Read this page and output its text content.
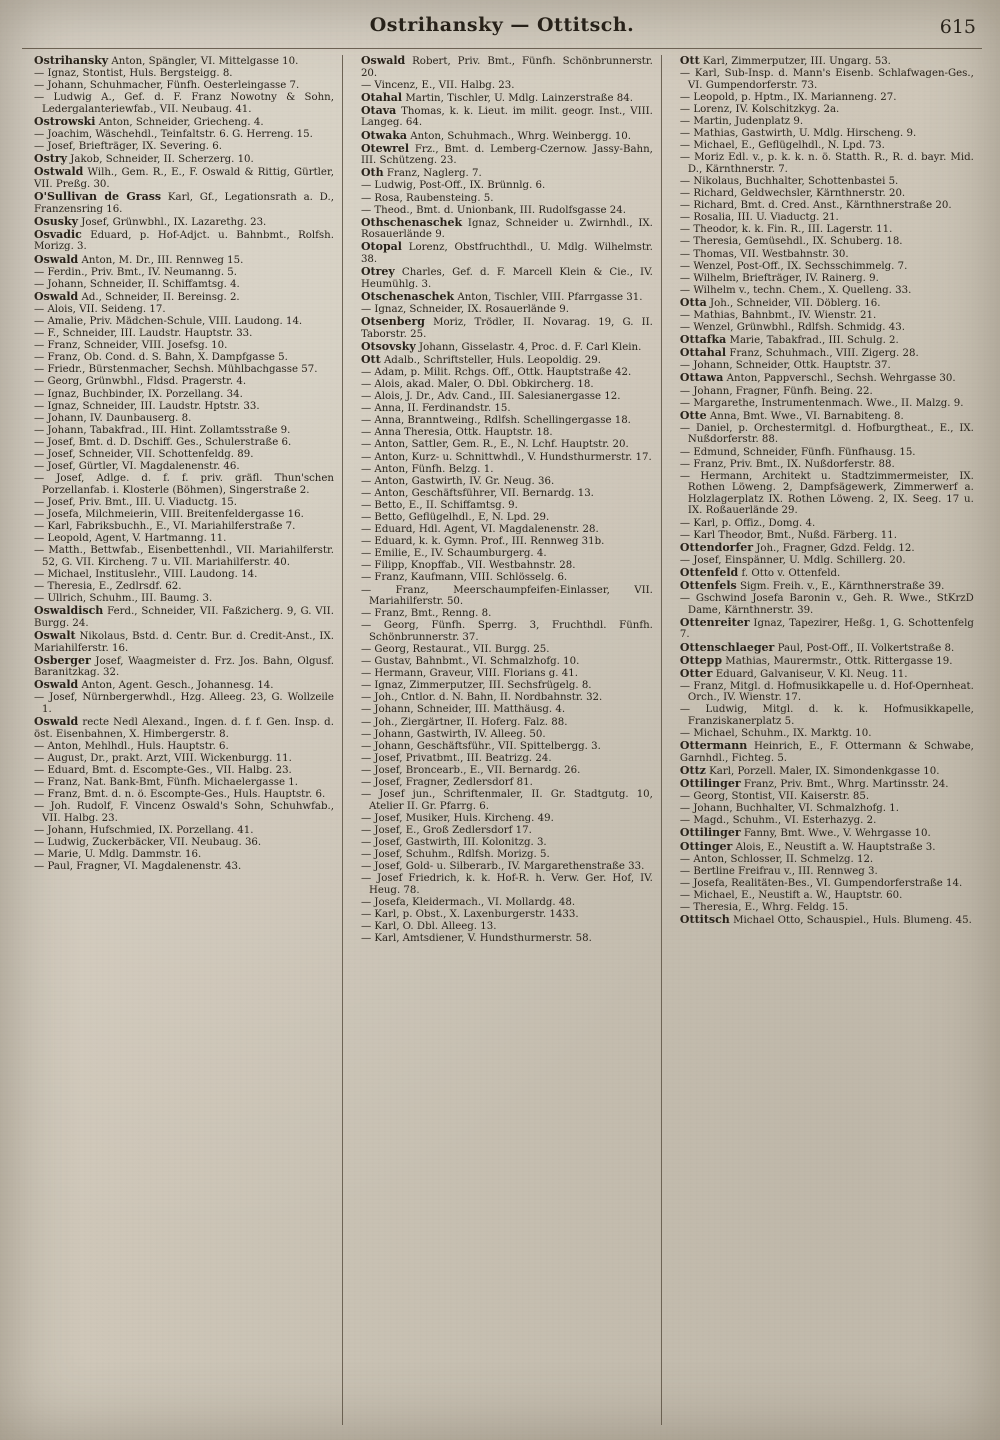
Ostrihansky — Ottitsch.	615

Ostrihansky Anton, Spängler, VI. Mittelgasse 10.

— Ignaz, Stontist, Huls. Bergsteigg. 8.

— Johann, Schuhmacher, Fünfh. Oesterleingasse 7.

— Ludwig A., Gef. d. F. Franz Nowotny & Sohn, Ledergalanteriewfab., VII. Neubaug. 41.

Ostrowski Anton, Schneider, Griecheng. 4.

— Joachim, Wäschehdl., Teinfaltstr. 6. G. Herreng. 15.

— Josef, Briefträger, IX. Severing. 6.

Ostry Jakob, Schneider, II. Scherzerg. 10.

Ostwald Wilh., Gem. R., E., F. Oswald & Rittig, Gürtler, VII. Preßg. 30.

O'Sullivan de Grass Karl, Gf., Legationsrath a. D., Franzensring 16.

Osusky Josef, Grünwbhl., IX. Lazarethg. 23.

Osvadic Eduard, p. Hof-Adjct. u. Bahnbmt., Rolfsh. Morizg. 3.

Oswald Anton, M. Dr., III. Rennweg 15.

— Ferdin., Priv. Bmt., IV. Neumanng. 5.

— Johann, Schneider, II. Schiffamtsg. 4.

Oswald Ad., Schneider, II. Bereinsg. 2.

— Alois, VII. Seideng. 17.

— Amalie, Priv. Mädchen-Schule, VIII. Laudong. 14.

— F., Schneider, III. Laudstr. Hauptstr. 33.

— Franz, Schneider, VIII. Josefsg. 10.

— Franz, Ob. Cond. d. S. Bahn, X. Dampfgasse 5.

— Friedr., Bürstenmacher, Sechsh. Mühlbachgasse 57.

— Georg, Grünwbhl., Fldsd. Pragerstr. 4.

— Ignaz, Buchbinder, IX. Porzellang. 34.

— Ignaz, Schneider, III. Laudstr. Hptstr. 33.

— Johann, IV. Daunbauserg. 8.

— Johann, Tabakfrad., III. Hint. Zollamtsstraße 9.

— Josef, Bmt. d. D. Dschiff. Ges., Schulerstraße 6.

— Josef, Schneider, VII. Schottenfeldg. 89.

— Josef, Gürtler, VI. Magdalenenstr. 46.

— Josef, Adlge. d. f. f. priv. gräfl. Thun'schen Porzellanfab. i. Klosterle (Böhmen), Singerstraße 2.

— Josef, Priv. Bmt., III. U. Viaductg. 15.

— Josefa, Milchmeierin, VIII. Breitenfeldergasse 16.

— Karl, Fabriksbuchh., E., VI. Mariahilferstraße 7.

— Leopold, Agent, V. Hartmanng. 11.

— Matth., Bettwfab., Eisenbettenhdl., VII. Mariahilferstr. 52, G. VII. Kircheng. 7 u. VII. Mariahilferstr. 40.

— Michael, Instituslehr., VIII. Laudong. 14.

— Theresia, E., Zedlrsdf. 62.

— Ullrich, Schuhm., III. Baumg. 3.

Oswaldisch Ferd., Schneider, VII. Faßzicherg. 9, G. VII. Burgg. 24.

Oswalt Nikolaus, Bstd. d. Centr. Bur. d. Credit-Anst., IX. Mariahilferstr. 16.

Osberger Josef, Waagmeister d. Frz. Jos. Bahn, Olgusf. Baranitzkag. 32.

Oswald Anton, Agent. Gesch., Johannesg. 14.

— Josef, Nürnbergerwhdl., Hzg. Alleeg. 23, G. Wollzeile 1.

Oswald recte Nedl Alexand., Ingen. d. f. f. Gen. Insp. d. öst. Eisenbahnen, X. Himbergerstr. 8.

— Anton, Mehlhdl., Huls. Hauptstr. 6.

— August, Dr., prakt. Arzt, VIII. Wickenburgg. 11.

— Eduard, Bmt. d. Escompte-Ges., VII. Halbg. 23.

— Franz, Nat. Bank-Bmt, Fünfh. Michaelergasse 1.

— Franz, Bmt. d. n. ö. Escompte-Ges., Huls. Hauptstr. 6.

— Joh. Rudolf, F. Vincenz Oswald's Sohn, Schuhwfab., VII. Halbg. 23.

— Johann, Hufschmied, IX. Porzellang. 41.

— Ludwig, Zuckerbäcker, VII. Neubaug. 36.

— Marie, U. Mdlg. Dammstr. 16.

— Paul, Fragner, VI. Magdalenenstr. 43.

Oswald Robert, Priv. Bmt., Fünfh. Schönbrunnerstr. 20.

— Vincenz, E., VII. Halbg. 23.

Otahal Martin, Tischler, U. Mdlg. Lainzerstraße 84.

Otava Thomas, k. k. Lieut. im milit. geogr. Inst., VIII. Langeg. 64.

Otwaka Anton, Schuhmach., Whrg. Weinbergg. 10.

Otewrel Frz., Bmt. d. Lemberg-Czernow. Jassy-Bahn, III. Schützeng. 23.

Oth Franz, Naglerg. 7.

— Ludwig, Post-Off., IX. Brünnlg. 6.

— Rosa, Raubensteing. 5.

— Theod., Bmt. d. Unionbank, III. Rudolfsgasse 24.

Othschenaschek Ignaz, Schneider u. Zwirnhdl., IX. Rosauerlände 9.

Otopal Lorenz, Obstfruchthdl., U. Mdlg. Wilhelmstr. 38.

Otrey Charles, Gef. d. F. Marcell Klein & Cie., IV. Heumühlg. 3.

Otschenaschek Anton, Tischler, VIII. Pfarrgasse 31.

— Ignaz, Schneider, IX. Rosauerlände 9.

Otsenberg Moriz, Trödler, II. Novarag. 19, G. II. Taborstr. 25.

Otsovsky Johann, Gisselastr. 4, Proc. d. F. Carl Klein.

Ott Adalb., Schriftsteller, Huls. Leopoldig. 29.

— Adam, p. Milit. Rchgs. Off., Ottk. Hauptstraße 42.

— Alois, akad. Maler, O. Dbl. Obkircherg. 18.

— Alois, J. Dr., Adv. Cand., III. Salesianergasse 12.

— Anna, II. Ferdinandstr. 15.

— Anna, Branntweing., Rdlfsh. Schellingergasse 18.

— Anna Theresia, Ottk. Hauptstr. 18.

— Anton, Sattler, Gem. R., E., N. Lchf. Hauptstr. 20.

— Anton, Kurz- u. Schnittwhdl., V. Hundsthurmerstr. 17.

— Anton, Fünfh. Belzg. 1.

— Anton, Gastwirth, IV. Gr. Neug. 36.

— Anton, Geschäftsführer, VII. Bernardg. 13.

— Betto, E., II. Schiffamtsg. 9.

— Betto, Geflügelhdl., E, N. Lpd. 29.

— Eduard, Hdl. Agent, VI. Magdalenenstr. 28.

— Eduard, k. k. Gymn. Prof., III. Rennweg 31b.

— Emilie, E., IV. Schaumburgerg. 4.

— Filipp, Knopffab., VII. Westbahnstr. 28.

— Franz, Kaufmann, VIII. Schlösselg. 6.

— Franz, Meerschaumpfeifen-Einlasser, VII. Mariahilferstr. 50.

— Franz, Bmt., Renng. 8.

— Georg, Fünfh. Sperrg. 3, Fruchthdl. Fünfh. Schönbrunnerstr. 37.

— Georg, Restaurat., VII. Burgg. 25.

— Gustav, Bahnbmt., VI. Schmalzhofg. 10.

— Hermann, Graveur, VIII. Florians g. 41.

— Ignaz, Zimmerputzer, III. Sechsfrügelg. 8.

— Joh., Cntlor. d. N. Bahn, II. Nordbahnstr. 32.

— Johann, Schneider, III. Matthäusg. 4.

— Joh., Ziergärtner, II. Hoferg. Falz. 88.

— Johann, Gastwirth, IV. Alleeg. 50.

— Johann, Geschäftsführ., VII. Spittelbergg. 3.

— Josef, Privatbmt., III. Beatrizg. 24.

— Josef, Broncearb., E., VII. Bernardg. 26.

— Josef, Fragner, Zedlersdorf 81.

— Josef jun., Schriftenmaler, II. Gr. Stadtgutg. 10, Atelier II. Gr. Pfarrg. 6.

— Josef, Musiker, Huls. Kircheng. 49.

— Josef, E., Groß Zedlersdorf 17.

— Josef, Gastwirth, III. Kolonitzg. 3.

— Josef, Schuhm., Rdlfsh. Morizg. 5.

— Josef, Gold- u. Silberarb., IV. Margarethenstraße 33.

— Josef Friedrich, k. k. Hof-R. h. Verw. Ger. Hof, IV. Heug. 78.

— Josefa, Kleidermach., VI. Mollardg. 48.

— Karl, p. Obst., X. Laxenburgerstr. 1433.

— Karl, O. Dbl. Alleeg. 13.

— Karl, Amtsdiener, V. Hundsthurmerstr. 58.

Ott Karl, Zimmerputzer, III. Ungarg. 53.

— Karl, Sub-Insp. d. Mann's Eisenb. Schlafwagen-Ges., VI. Gumpendorferstr. 73.

— Leopold, p. Hptm., IX. Marianneng. 27.

— Lorenz, IV. Kolschitzkyg. 2a.

— Martin, Judenplatz 9.

— Mathias, Gastwirth, U. Mdlg. Hirscheng. 9.

— Michael, E., Geflügelhdl., N. Lpd. 73.

— Moriz Edl. v., p. k. k. n. ö. Statth. R., R. d. bayr. Mid. D., Kärnthnerstr. 7.

— Nikolaus, Buchhalter, Schottenbastei 5.

— Richard, Geldwechsler, Kärnthnerstr. 20.

— Richard, Bmt. d. Cred. Anst., Kärnthnerstraße 20.

— Rosalia, III. U. Viaductg. 21.

— Theodor, k. k. Fin. R., III. Lagerstr. 11.

— Theresia, Gemüsehdl., IX. Schuberg. 18.

— Thomas, VII. Westbahnstr. 30.

— Wenzel, Post-Off., IX. Sechsschimmelg. 7.

— Wilhelm, Briefträger, IV. Rainerg. 9.

— Wilhelm v., techn. Chem., X. Quelleng. 33.

Otta Joh., Schneider, VII. Döblerg. 16.

— Mathias, Bahnbmt., IV. Wienstr. 21.

— Wenzel, Grünwbhl., Rdlfsh. Schmidg. 43.

Ottafka Marie, Tabakfrad., III. Schulg. 2.

Ottahal Franz, Schuhmach., VIII. Zigerg. 28.

— Johann, Schneider, Ottk. Hauptstr. 37.

Ottawa Anton, Pappverschl., Sechsh. Wehrgasse 30.

— Johann, Fragner, Fünfh. Being. 22.

— Margarethe, Instrumentenmach. Wwe., II. Malzg. 9.

Otte Anna, Bmt. Wwe., VI. Barnabiteng. 8.

— Daniel, p. Orchestermitgl. d. Hofburgtheat., E., IX. Nußdorferstr. 88.

— Edmund, Schneider, Fünfh. Fünfhausg. 15.

— Franz, Priv. Bmt., IX. Nußdorferstr. 88.

— Hermann, Architekt u. Stadtzimmermeister, IX. Rothen Löweng. 2, Dampfsägewerk, Zimmerwerf a. Holzlagerplatz IX. Rothen Löweng. 2, IX. Seeg. 17 u. IX. Roßauerlände 29.

— Karl, p. Offiz., Domg. 4.

— Karl Theodor, Bmt., Nußd. Färberg. 11.

Ottendorfer Joh., Fragner, Gdzd. Feldg. 12.

— Josef, Einspänner, U. Mdlg. Schillerg. 20.

Ottenfeld f. Otto v. Ottenfeld.

Ottenfels Sigm. Freih. v., E., Kärnthnerstraße 39.

— Gschwind Josefa Baronin v., Geh. R. Wwe., StKrzD Dame, Kärnthnerstr. 39.

Ottenreiter Ignaz, Tapezirer, Heßg. 1, G. Schottenfelg 7.

Ottenschlaeger Paul, Post-Off., II. Volkertstraße 8.

Ottepp Mathias, Maurermstr., Ottk. Rittergasse 19.

Otter Eduard, Galvaniseur, V. Kl. Neug. 11.

— Franz, Mitgl. d. Hofmusikkapelle u. d. Hof-Opernheat. Orch., IV. Wienstr. 17.

— Ludwig, Mitgl. d. k. k. Hofmusikkapelle, Franziskanerplatz 5.

— Michael, Schuhm., IX. Marktg. 10.

Ottermann Heinrich, E., F. Ottermann & Schwabe, Garnhdl., Fichteg. 5.

Ottz Karl, Porzell. Maler, IX. Simondenkgasse 10.

Ottilinger Franz, Priv. Bmt., Whrg. Martinsstr. 24.

— Georg, Stontist, VII. Kaiserstr. 85.

— Johann, Buchhalter, VI. Schmalzhofg. 1.

— Magd., Schuhm., VI. Esterhazyg. 2.

Ottilinger Fanny, Bmt. Wwe., V. Wehrgasse 10.

Ottinger Alois, E., Neustift a. W. Hauptstraße 3.

— Anton, Schlosser, II. Schmelzg. 12.

— Bertline Freifrau v., III. Rennweg 3.

— Josefa, Realitäten-Bes., VI. Gumpendorferstraße 14.

— Michael, E., Neustift a. W., Hauptstr. 60.

— Theresia, E., Whrg. Feldg. 15.

Ottitsch Michael Otto, Schauspiel., Huls. Blumeng. 45.
